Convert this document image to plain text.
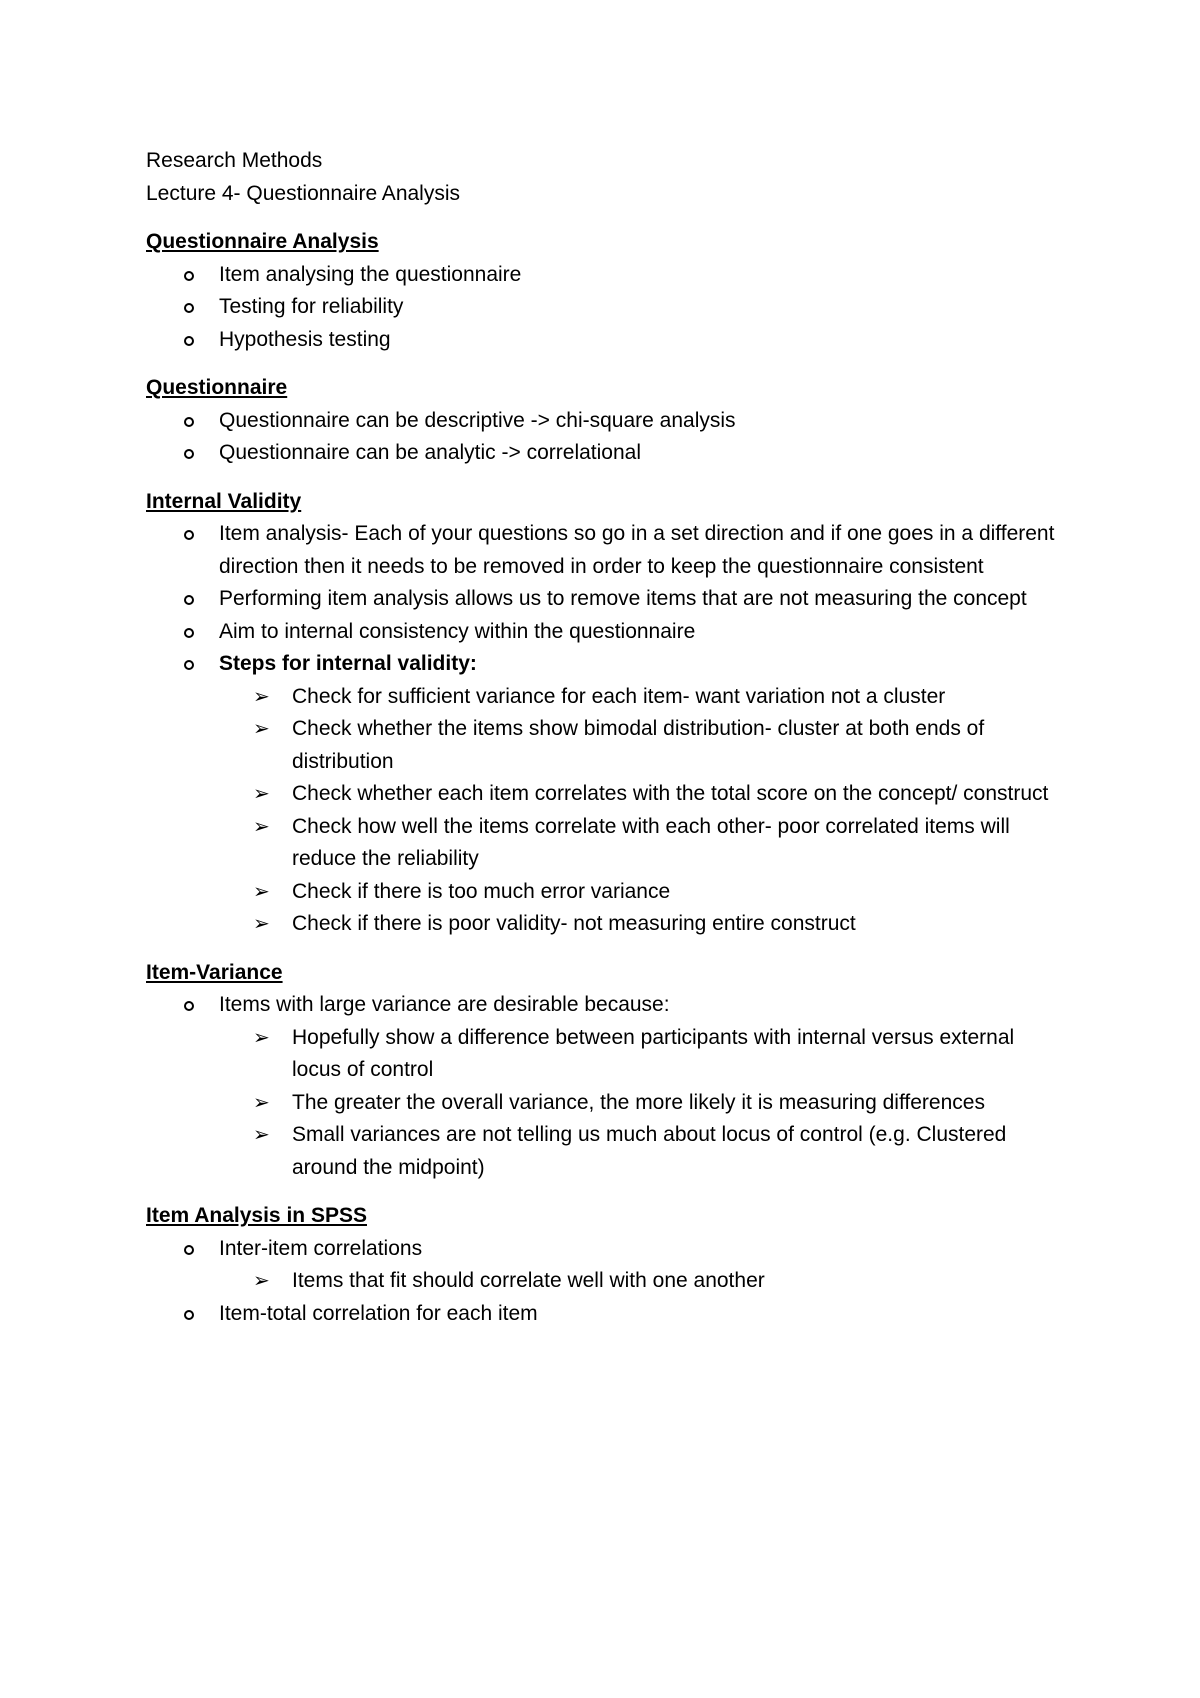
Research Methods

Lecture 4- Questionnaire Analysis

Questionnaire Analysis

Item analysing the questionnaire
Testing for reliability
Hypothesis testing

Questionnaire

Questionnaire can be descriptive -> chi-square analysis
Questionnaire can be analytic -> correlational

Internal Validity

Item analysis- Each of your questions so go in a set direction and if one goes in a different direction then it needs to be removed in order to keep the questionnaire consistent
Performing item analysis allows us to remove items that are not measuring the concept
Aim to internal consistency within the questionnaire
Steps for internal validity:
➢ Check for sufficient variance for each item- want variation not a cluster
➢ Check whether the items show bimodal distribution- cluster at both ends of distribution
➢ Check whether each item correlates with the total score on the concept/ construct
➢ Check how well the items correlate with each other- poor correlated items will reduce the reliability
➢ Check if there is too much error variance
➢ Check if there is poor validity- not measuring entire construct

Item-Variance

Items with large variance are desirable because:
➢ Hopefully show a difference between participants with internal versus external locus of control
➢ The greater the overall variance, the more likely it is measuring differences
➢ Small variances are not telling us much about locus of control (e.g. Clustered around the midpoint)

Item Analysis in SPSS

Inter-item correlations
➢ Items that fit should correlate well with one another
Item-total correlation for each item
